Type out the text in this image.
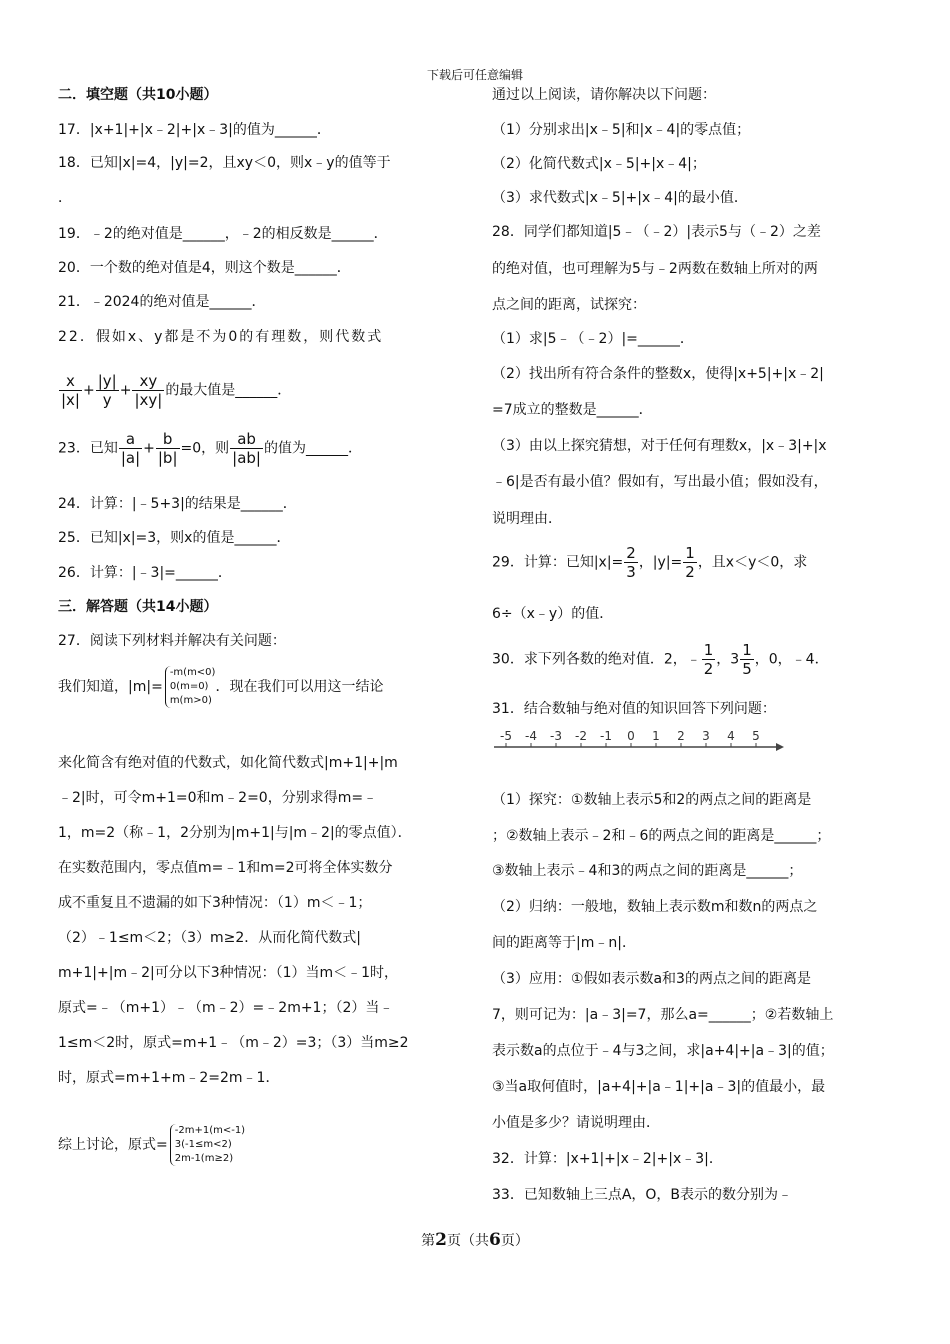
下载后可任意编辑

二．填空题（共10小题）

17．|x+1|+|x﹣2|+|x﹣3|的值为______．

18．已知|x|=4，|y|=2，且xy＜0，则x﹣y的值等于

．

19．﹣2的绝对值是______，﹣2的相反数是______．

20．一个数的绝对值是4，则这个数是______．

21．﹣2024的绝对值是______．

22．假如x、y都是不为0的有理数，则代数式

$\frac{x}{|x|} + \frac{|y|}{y} + \frac{xy}{|xy|}$ 的最大值是______．

23．已知 $\frac{a}{|a|} + \frac{b}{|b|} =0$，则 $\frac{ab}{|ab|}$ 的值为______．

24．计算：|﹣5+3|的结果是______．

25．已知|x|=3，则x的值是______．

26．计算：|﹣3|=______．

三．解答题（共14小题）

27．阅读下列材料并解决有关问题：

我们知道，|m|=
-m(m<0)
0(m=0)
m(m>0)
．现在我们可以用这一结论

来化简含有绝对值的代数式，如化简代数式|m+1|+|m

﹣2|时，可令m+1=0和m﹣2=0，分别求得m=﹣

1，m=2（称﹣1，2分别为|m+1|与|m﹣2|的零点值）．

在实数范围内，零点值m=﹣1和m=2可将全体实数分

成不重复且不遗漏的如下3种情况：（1）m＜﹣1；

（2）﹣1≤m＜2；（3）m≥2．从而化简代数式|

m+1|+|m﹣2|可分以下3种情况：（1）当m＜﹣1时，

原式=﹣（m+1）﹣（m﹣2）=﹣2m+1；（2）当﹣

1≤m＜2时，原式=m+1﹣（m﹣2）=3；（3）当m≥2

时，原式=m+1+m﹣2=2m﹣1．

综上讨论，原式=
-2m+1(m<-1)
3(-1≤m<2)
2m-1(m≥2)

通过以上阅读，请你解决以下问题：

（1）分别求出|x﹣5|和|x﹣4|的零点值；

（2）化简代数式|x﹣5|+|x﹣4|；

（3）求代数式|x﹣5|+|x﹣4|的最小值．

28．同学们都知道|5﹣（﹣2）|表示5与（﹣2）之差

的绝对值，也可理解为5与﹣2两数在数轴上所对的两

点之间的距离，试探究：

（1）求|5﹣（﹣2）|=______．

（2）找出所有符合条件的整数x，使得|x+5|+|x﹣2|

=7成立的整数是______．

（3）由以上探究猜想，对于任何有理数x，|x﹣3|+|x

﹣6|是否有最小值？假如有，写出最小值；假如没有，

说明理由．

29．计算：已知$|x|= \frac{2}{3}$ ，$|y|= \frac{1}{2}$ ，且x＜y＜0，求

6÷（x﹣y）的值．

30．求下列各数的绝对值．2，﹣ $\frac{1}{2}$ ，$3 \frac{1}{5}$ ，0，﹣4．

31．结合数轴与绝对值的知识回答下列问题：

-5 -4 -3 -2 -1 0 1 2 3 4 5

（1）探究：①数轴上表示5和2的两点之间的距离是

；②数轴上表示﹣2和﹣6的两点之间的距离是______；

③数轴上表示﹣4和3的两点之间的距离是______；

（2）归纳：一般地，数轴上表示数m和数n的两点之

间的距离等于|m﹣n|．

（3）应用：①假如表示数a和3的两点之间的距离是

7，则可记为：|a﹣3|=7，那么a=______；②若数轴上

表示数a的点位于﹣4与3之间，求|a+4|+|a﹣3|的值；

③当a取何值时，|a+4|+|a﹣1|+|a﹣3|的值最小，最

小值是多少？请说明理由．

32．计算：|x+1|+|x﹣2|+|x﹣3|．

33．已知数轴上三点A，O，B表示的数分别为﹣

第2页（共6页）
